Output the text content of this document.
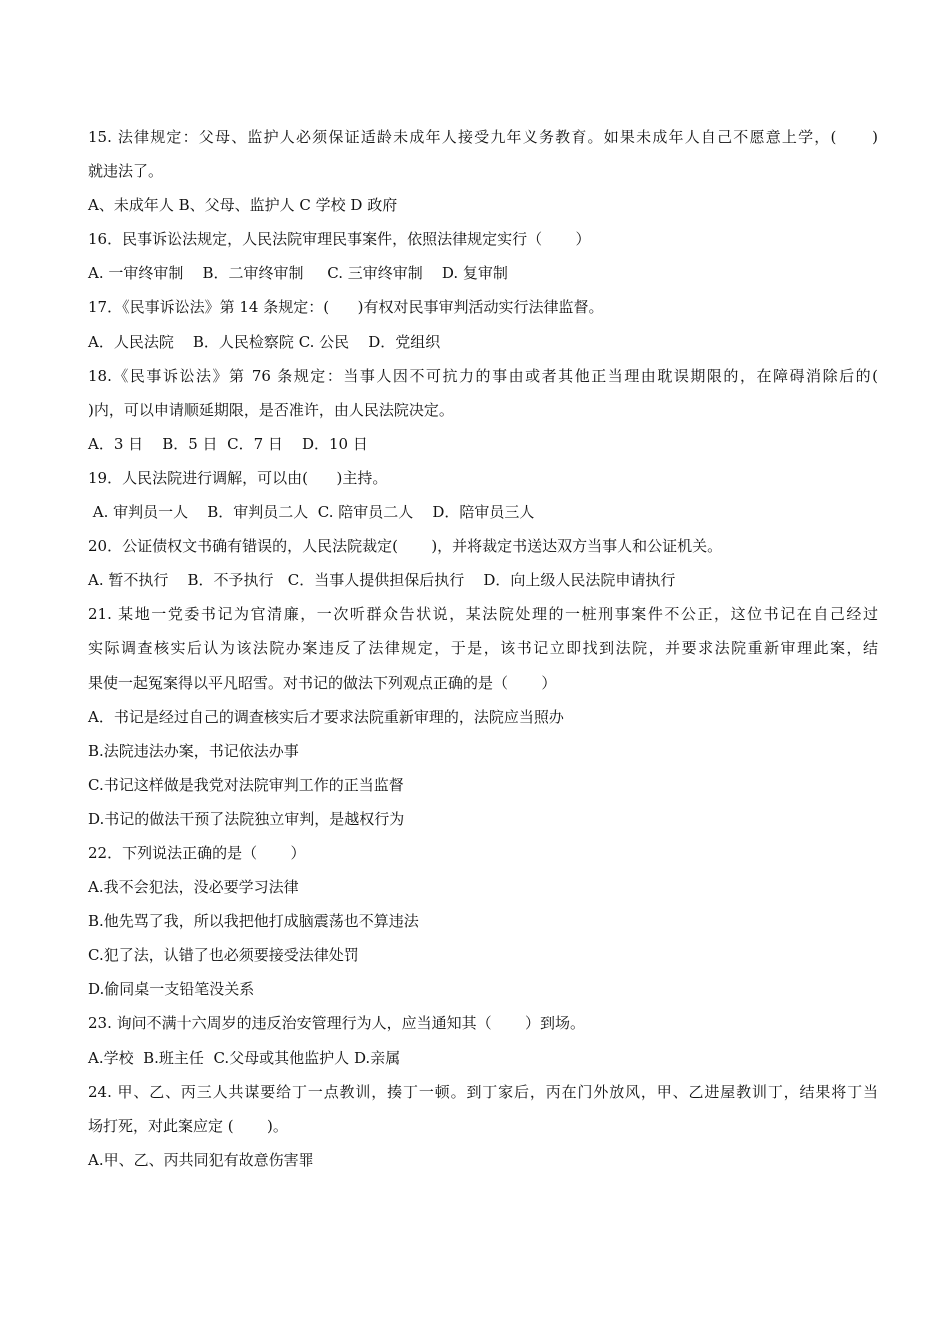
15. 法律规定：父母、监护人必须保证适龄未成年人接受九年义务教育。如果未成年人自己不愿意上学，(      )
就违法了。
A、未成年人 B、父母、监护人 C 学校 D 政府
16．民事诉讼法规定，人民法院审理民事案件，依照法律规定实行（       ）
A. 一审终审制    B．二审终审制     C. 三审终审制    D. 复审制
17．《民事诉讼法》第 14 条规定：(      )有权对民事审判活动实行法律监督。
A．人民法院    B．人民检察院 C. 公民    D．党组织
18.《民事诉讼法》第 76 条规定：当事人因不可抗力的事由或者其他正当理由耽误期限的，在障碍消除后的(
)内，可以申请顺延期限，是否准许，由人民法院决定。
A．3 日    B．5 日  C．7 日    D．10 日
19．人民法院进行调解，可以由(      )主持。
A. 审判员一人    B．审判员二人  C. 陪审员二人    D．陪审员三人
20．公证债权文书确有错误的，人民法院裁定(       )，并将裁定书送达双方当事人和公证机关。
A. 暂不执行    B．不予执行   C．当事人提供担保后执行    D．向上级人民法院申请执行
21. 某地一党委书记为官清廉，一次听群众告状说，某法院处理的一桩刑事案件不公正，这位书记在自己经过
实际调查核实后认为该法院办案违反了法律规定，于是，该书记立即找到法院，并要求法院重新审理此案，结
果使一起冤案得以平凡昭雪。对书记的做法下列观点正确的是（       ）
A．书记是经过自己的调查核实后才要求法院重新审理的，法院应当照办
B.法院违法办案，书记依法办事
C.书记这样做是我党对法院审判工作的正当监督
D.书记的做法干预了法院独立审判，是越权行为
22．下列说法正确的是（       ）
A.我不会犯法，没必要学习法律
B.他先骂了我，所以我把他打成脑震荡也不算违法
C.犯了法，认错了也必须要接受法律处罚
D.偷同桌一支铅笔没关系
23. 询问不满十六周岁的违反治安管理行为人，应当通知其（       ）到场。
A.学校  B.班主任  C.父母或其他监护人 D.亲属
24. 甲、乙、丙三人共谋要给丁一点教训，揍丁一顿。到丁家后，丙在门外放风，甲、乙进屋教训丁，结果将丁当
场打死，对此案应定 (       )。
A.甲、乙、丙共同犯有故意伤害罪
